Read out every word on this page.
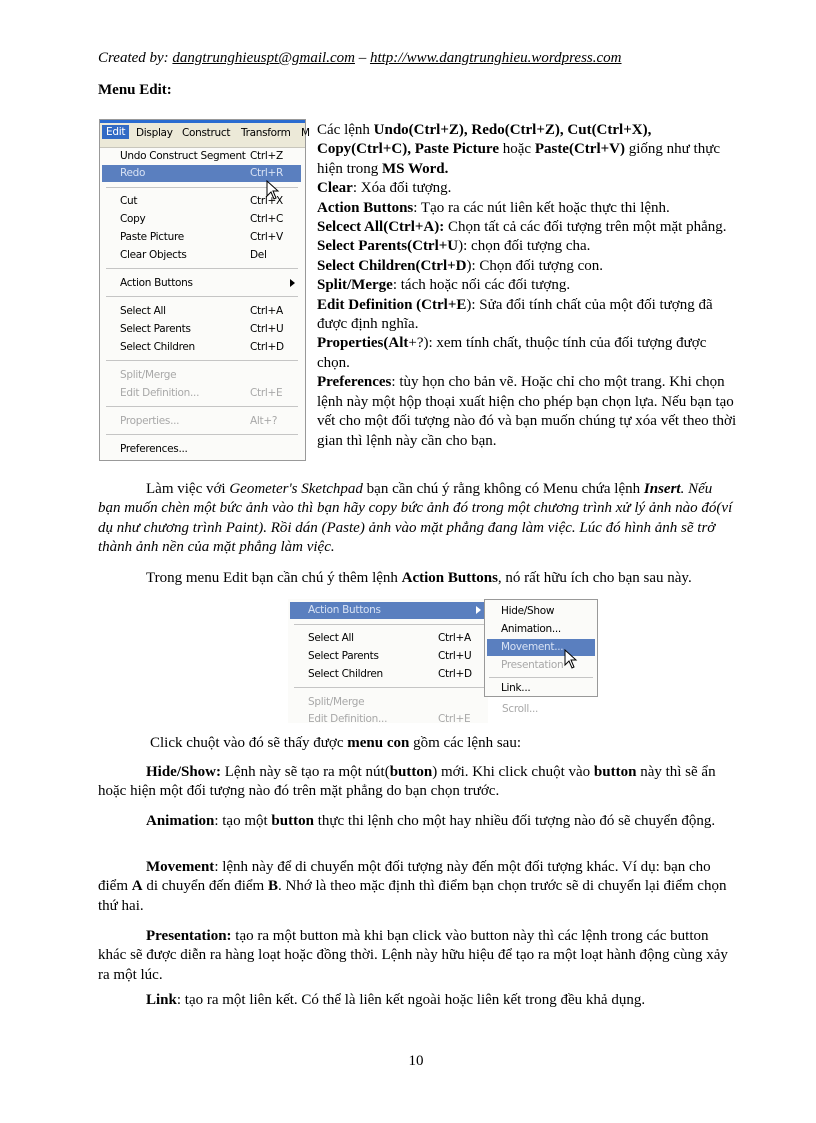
Created by: dangtrunghieuspt@gmail.com – http://www.dangtrunghieu.wordpress.com
Menu Edit:
Edit	Display Construct Transform M
Undo Construct Segment Ctrl+Z
Redo	Ctrl+R
Cut	Ctrl+X
Copy	Ctrl+C
Paste Picture	Ctrl+V
Clear Objects	Del
Action Buttons
Select All	Ctrl+A
Select Parents	Ctrl+U
Select Children	Ctrl+D
Split/Merge
Edit Definition...	Ctrl+E
Properties...	Alt+?
Preferences...
Các lệnh Undo(Ctrl+Z), Redo(Ctrl+Z), Cut(Ctrl+X), Copy(Ctrl+C), Paste Picture hoặc Paste(Ctrl+V) giống như thực hiện trong MS Word.
Clear: Xóa đối tượng.
Action Buttons: Tạo ra các nút liên kết hoặc thực thi lệnh.
Selcect All(Ctrl+A): Chọn tất cả các đối tượng trên một mặt phẳng.
Select Parents(Ctrl+U): chọn đối tượng cha.
Select Children(Ctrl+D): Chọn đối tượng con.
Split/Merge: tách hoặc nối các đối tượng.
Edit Definition (Ctrl+E): Sửa đổi tính chất của một đối tượng đã được định nghĩa.
Properties(Alt+?): xem tính chất, thuộc tính của đối tượng được chọn.
Preferences: tùy họn cho bản vẽ. Hoặc chỉ cho một trang. Khi chọn lệnh này một hộp thoại xuất hiện cho phép bạn chọn lựa. Nếu bạn tạo vết cho một đối tượng nào đó và bạn muốn chúng tự xóa vết theo thời gian thì lệnh này cần cho bạn.
Làm việc với Geometer's Sketchpad bạn cần chú ý rằng không có Menu chứa lệnh Insert. Nếu bạn muốn chèn một bức ảnh vào thì bạn hãy copy bức ảnh đó trong một chương trình xử lý ảnh nào đó(ví dụ như chương trình Paint). Rồi dán (Paste) ảnh vào mặt phẳng đang làm việc. Lúc đó hình ảnh sẽ trở thành ảnh nền của mặt phẳng làm việc.
Trong menu Edit bạn cần chú ý thêm lệnh Action Buttons, nó rất hữu ích cho bạn sau này.
Action Buttons
Select All	Ctrl+A
Select Parents	Ctrl+U
Select Children	Ctrl+D
Split/Merge
Edit Definition...	Ctrl+E
Hide/Show
Animation...
Movement...
Presentation
Link...
Scroll...
Click chuột vào đó sẽ thấy được menu con gồm các lệnh sau:
Hide/Show: Lệnh này sẽ tạo ra một nút(button) mới. Khi click chuột vào button này thì sẽ ẩn hoặc hiện một đối tượng nào đó trên mặt phẳng do bạn chọn trước.
Animation: tạo một button thực thi lệnh cho một hay nhiều đối tượng nào đó sẽ chuyển động.
Movement: lệnh này để di chuyển một đối tượng này đến một đối tượng khác. Ví dụ: bạn cho điểm A di chuyển đến điểm B. Nhớ là theo mặc định thì điểm bạn chọn trước sẽ di chuyển lại điểm chọn thứ hai.
Presentation: tạo ra một button mà khi bạn click vào button này thì các lệnh trong các button khác sẽ được diễn ra hàng loạt hoặc đồng thời. Lệnh này hữu hiệu để tạo ra một loạt hành động cùng xảy ra một lúc.
Link: tạo ra một liên kết. Có thể là liên kết ngoài hoặc liên kết trong đều khả dụng.
10
